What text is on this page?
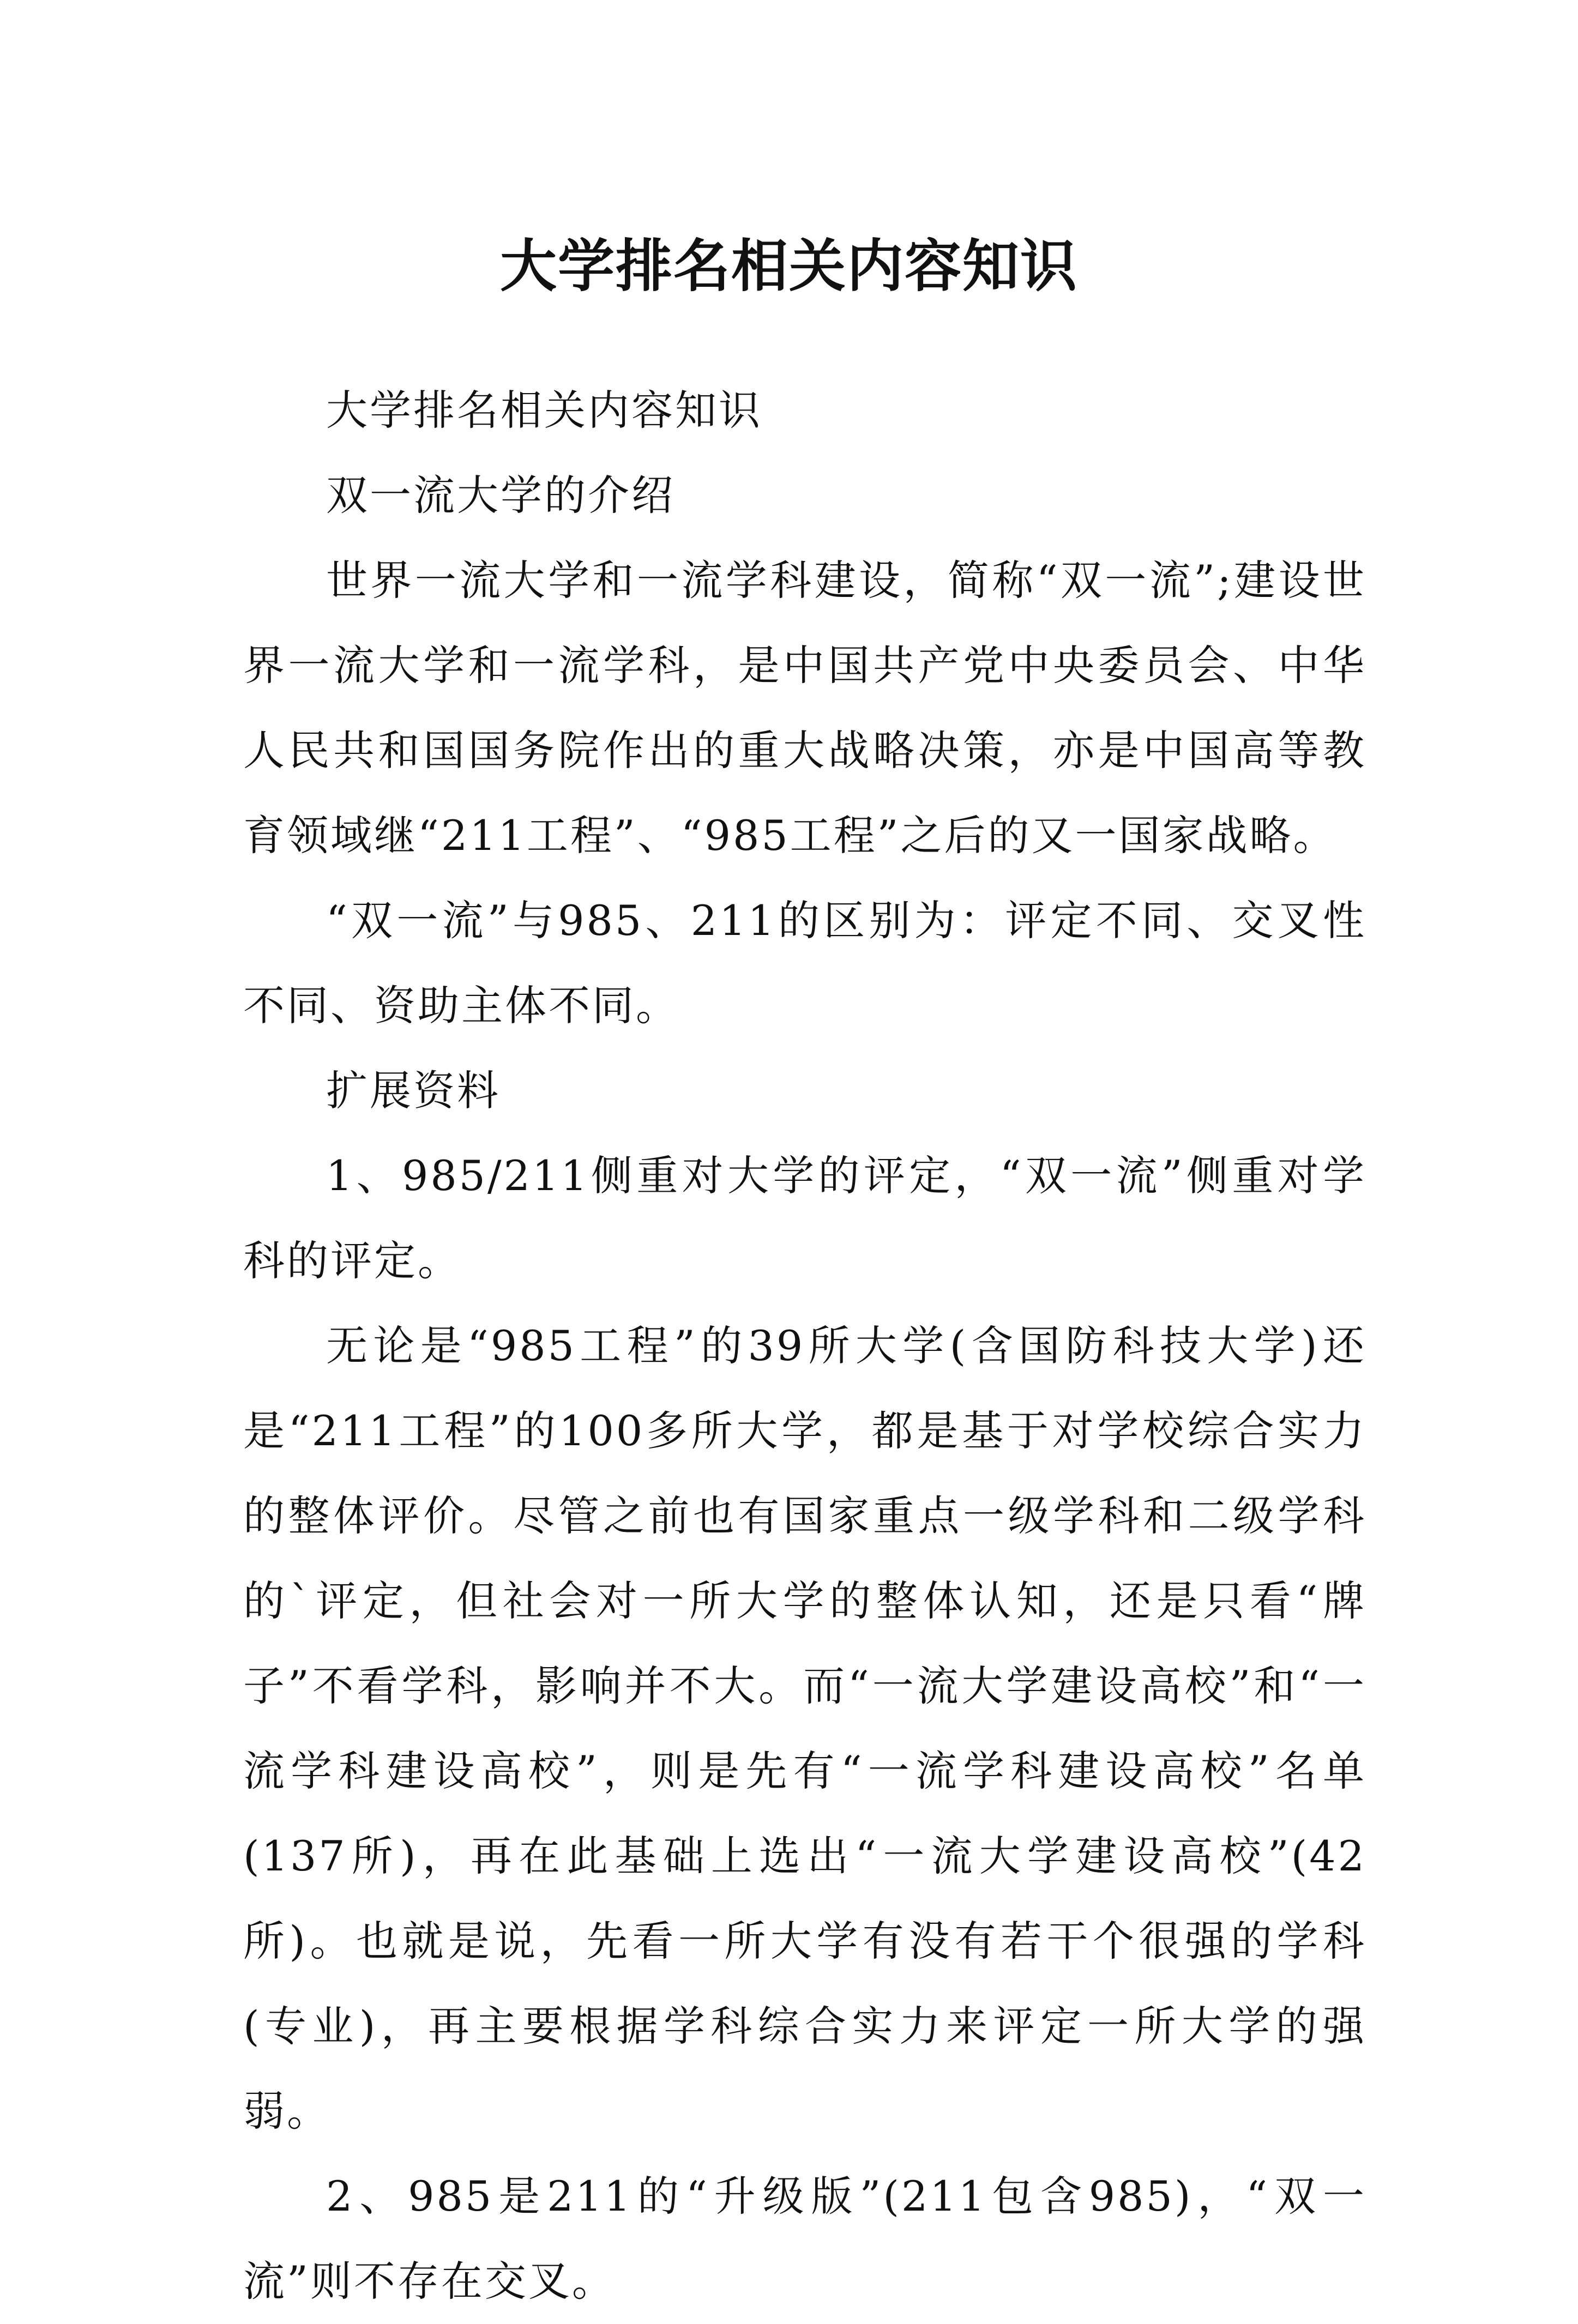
大学排名相关内容知识

大学排名相关内容知识

双一流大学的介绍

世界一流大学和一流学科建设，简称“双一流”;建设世界一流大学和一流学科，是中国共产党中央委员会、中华人民共和国国务院作出的重大战略决策，亦是中国高等教育领域继“211工程”、“985工程”之后的又一国家战略。

“双一流”与985、211的区别为：评定不同、交叉性不同、资助主体不同。

扩展资料

1、985/211侧重对大学的评定，“双一流”侧重对学科的评定。

无论是“985工程”的39所大学(含国防科技大学)还是“211工程”的100多所大学，都是基于对学校综合实力的整体评价。尽管之前也有国家重点一级学科和二级学科的`评定，但社会对一所大学的整体认知，还是只看“牌子”不看学科，影响并不大。而“一流大学建设高校”和“一流学科建设高校”，则是先有“一流学科建设高校”名单(137所)，再在此基础上选出“一流大学建设高校”(42所)。也就是说，先看一所大学有没有若干个很强的学科(专业)，再主要根据学科综合实力来评定一所大学的强弱。

2、985是211的“升级版”(211包含985)，“双一流”则不存在交叉。
